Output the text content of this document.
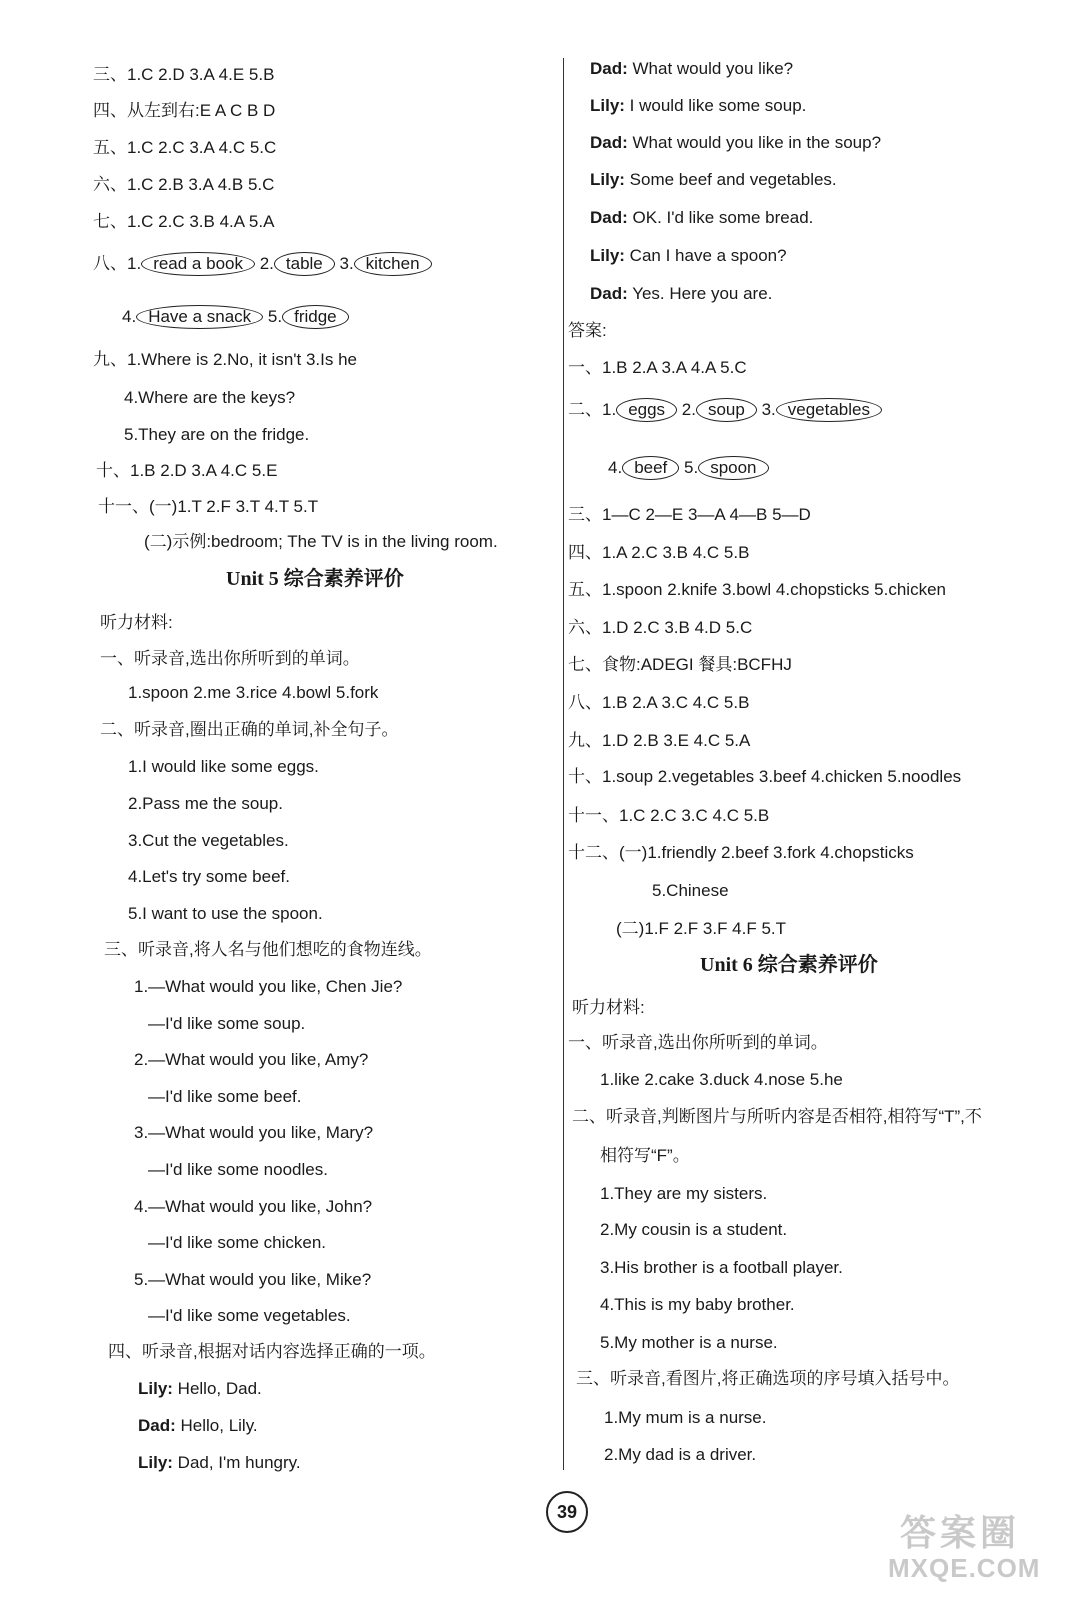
三、1.C 2.D 3.A 4.E 5.B
四、从左到右:E A C B D
五、1.C 2.C 3.A 4.C 5.C
六、1.C 2.B 3.A 4.B 5.C
七、1.C 2.C 3.B 4.A 5.A
八、1. read a book 2. table 3. kitchen
4. Have a snack 5. fridge
九、1.Where is 2.No, it isn't 3.Is he
4.Where are the keys?
5.They are on the fridge.
十、1.B 2.D 3.A 4.C 5.E
十一、(一)1.T 2.F 3.T 4.T 5.T
(二)示例:bedroom; The TV is in the living room.
Unit 5 综合素养评价
听力材料:
一、听录音,选出你所听到的单词。
1.spoon 2.me 3.rice 4.bowl 5.fork
二、听录音,圈出正确的单词,补全句子。
1.I would like some eggs.
2.Pass me the soup.
3.Cut the vegetables.
4.Let's try some beef.
5.I want to use the spoon.
三、听录音,将人名与他们想吃的食物连线。
1.—What would you like, Chen Jie?
—I'd like some soup.
2.—What would you like, Amy?
—I'd like some beef.
3.—What would you like, Mary?
—I'd like some noodles.
4.—What would you like, John?
—I'd like some chicken.
5.—What would you like, Mike?
—I'd like some vegetables.
四、听录音,根据对话内容选择正确的一项。
Lily: Hello, Dad.
Dad: Hello, Lily.
Lily: Dad, I'm hungry.
Dad: What would you like?
Lily: I would like some soup.
Dad: What would you like in the soup?
Lily: Some beef and vegetables.
Dad: OK. I'd like some bread.
Lily: Can I have a spoon?
Dad: Yes. Here you are.
答案:
一、1.B 2.A 3.A 4.A 5.C
二、1. eggs 2. soup 3. vegetables
4. beef 5. spoon
三、1—C 2—E 3—A 4—B 5—D
四、1.A 2.C 3.B 4.C 5.B
五、1.spoon 2.knife 3.bowl 4.chopsticks 5.chicken
六、1.D 2.C 3.B 4.D 5.C
七、食物:ADEGI 餐具:BCFHJ
八、1.B 2.A 3.C 4.C 5.B
九、1.D 2.B 3.E 4.C 5.A
十、1.soup 2.vegetables 3.beef 4.chicken 5.noodles
十一、1.C 2.C 3.C 4.C 5.B
十二、(一)1.friendly 2.beef 3.fork 4.chopsticks
5.Chinese
(二)1.F 2.F 3.F 4.F 5.T
Unit 6 综合素养评价
听力材料:
一、听录音,选出你所听到的单词。
1.like 2.cake 3.duck 4.nose 5.he
二、听录音,判断图片与所听内容是否相符,相符写“T”,不
相符写“F”。
1.They are my sisters.
2.My cousin is a student.
3.His brother is a football player.
4.This is my baby brother.
5.My mother is a nurse.
三、听录音,看图片,将正确选项的序号填入括号中。
1.My mum is a nurse.
2.My dad is a driver.
39	答案圈
MXQE.COM
